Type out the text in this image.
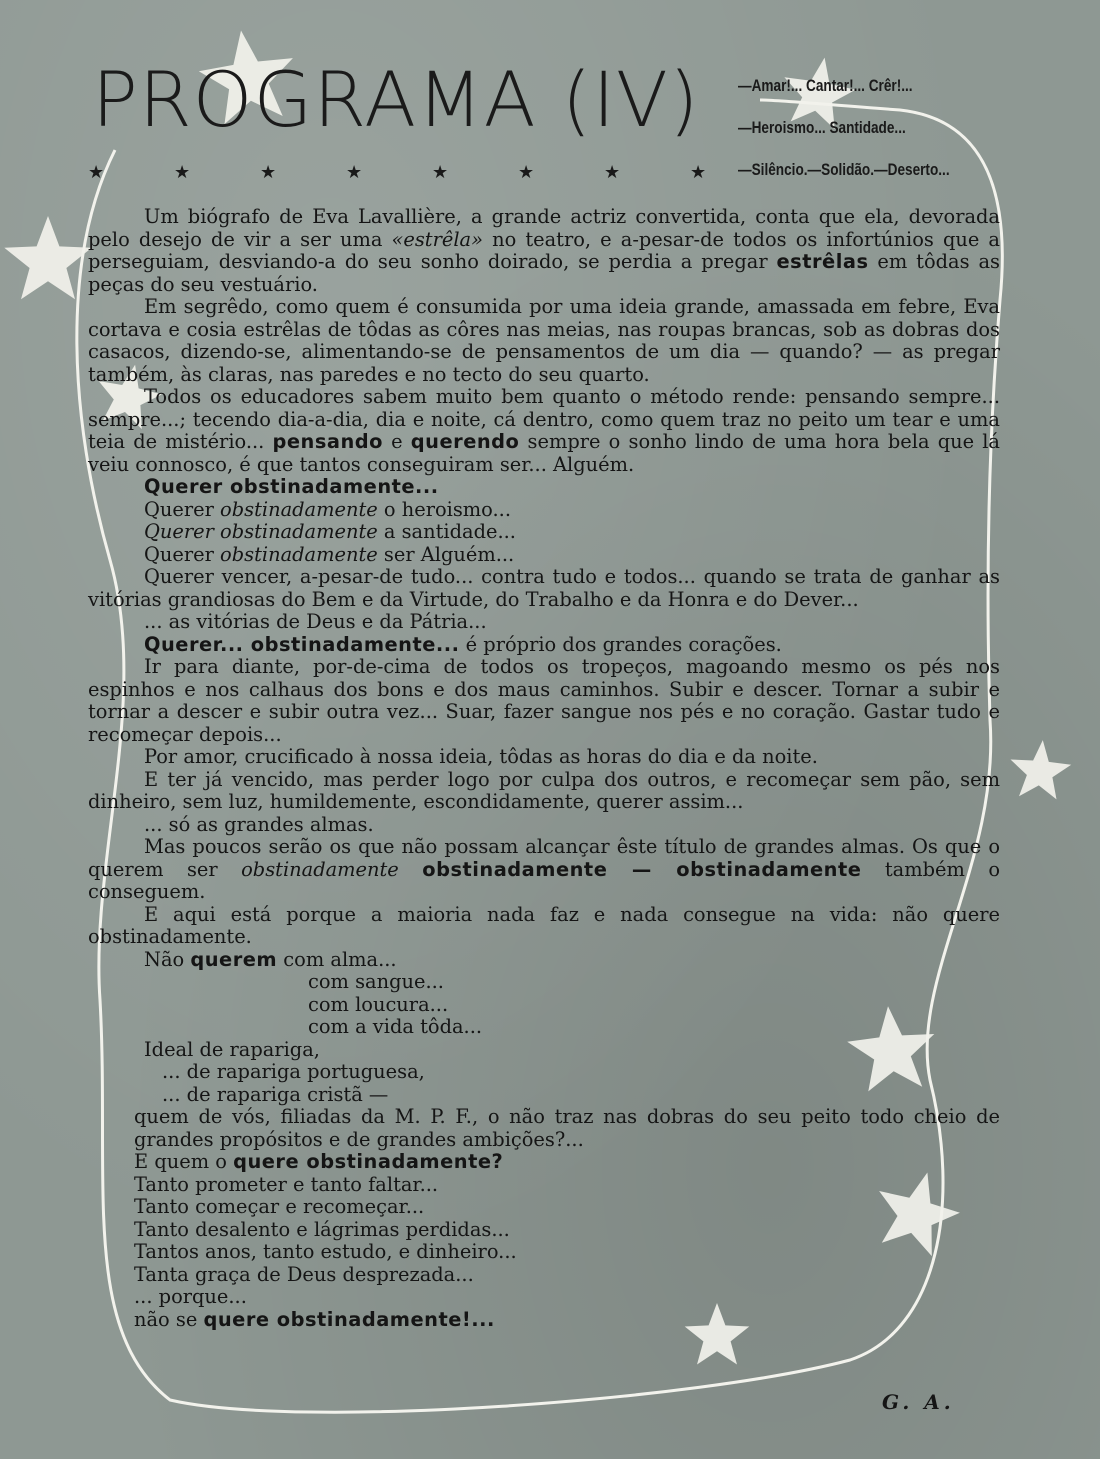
PROGRAMA (IV) —Amar!... Cantar!... Crêr!...
—Heroismo... Santidade...
—Silêncio.—Solidão.—Deserto...
★	★	★	★	★	★	★	★

Um biógrafo de Eva Lavallière, a grande actriz convertida, conta que ela, devorada pelo desejo de vir a ser uma «estrêla» no teatro, e a-pesar-de todos os infortúnios que a perseguiam, desviando-a do seu sonho doirado, se perdia a pregar estrêlas em tôdas as peças do seu vestuário.

Em segrêdo, como quem é consumida por uma ideia grande, amassada em febre, Eva cortava e cosia estrêlas de tôdas as côres nas meias, nas roupas brancas, sob as dobras dos casacos, dizendo-se, alimentando-se de pensamentos de um dia — quando? — as pregar também, às claras, nas paredes e no tecto do seu quarto.

Todos os educadores sabem muito bem quanto o método rende: pensando sempre... sempre...; tecendo dia-a-dia, dia e noite, cá dentro, como quem traz no peito um tear e uma teia de mistério... pensando e querendo sempre o sonho lindo de uma hora bela que lá veiu connosco, é que tantos conseguiram ser... Alguém.

Querer obstinadamente...

Querer obstinadamente o heroismo...

Querer obstinadamente a santidade...

Querer obstinadamente ser Alguém...

Querer vencer, a-pesar-de tudo... contra tudo e todos... quando se trata de ganhar as vitórias grandiosas do Bem e da Virtude, do Trabalho e da Honra e do Dever...

... as vitórias de Deus e da Pátria...

Querer... obstinadamente... é próprio dos grandes corações.

Ir para diante, por-de-cima de todos os tropeços, magoando mesmo os pés nos espinhos e nos calhaus dos bons e dos maus caminhos. Subir e descer. Tornar a subir e tornar a descer e subir outra vez... Suar, fazer sangue nos pés e no coração. Gastar tudo e recomeçar depois...

Por amor, crucificado à nossa ideia, tôdas as horas do dia e da noite.

E ter já vencido, mas perder logo por culpa dos outros, e recomeçar sem pão, sem dinheiro, sem luz, humildemente, escondidamente, querer assim...

... só as grandes almas.

Mas poucos serão os que não possam alcançar êste título de grandes almas. Os que o querem ser obstinadamente obstinadamente — obstinadamente também o conseguem.

E aqui está porque a maioria nada faz e nada consegue na vida: não quere obstinadamente.

Não querem com alma...

com sangue...

com loucura...

com a vida tôda...

Ideal de rapariga,

... de rapariga portuguesa,

... de rapariga cristã —

quem de vós, filiadas da M. P. F., o não traz nas dobras do seu peito todo cheio de grandes propósitos e de grandes ambições?...

E quem o quere obstinadamente?

Tanto prometer e tanto faltar...

Tanto começar e recomeçar...

Tanto desalento e lágrimas perdidas...

Tantos anos, tanto estudo, e dinheiro...

Tanta graça de Deus desprezada...

... porque...

não se quere obstinadamente!...

G. A.
